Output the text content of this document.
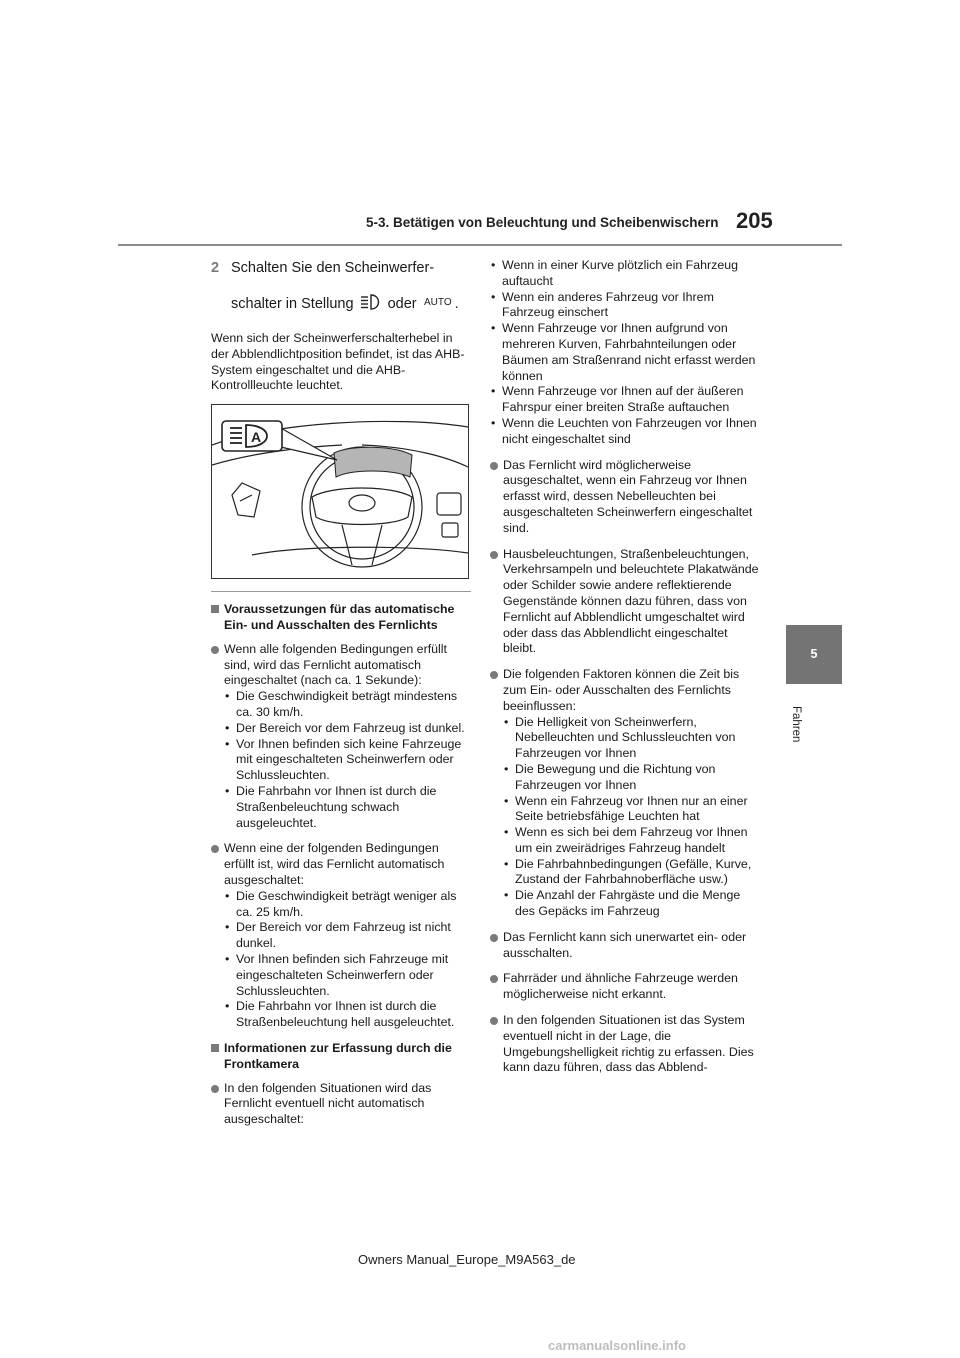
5-3. Betätigen von Beleuchtung und Scheibenwischern 205
5
Fahren
2 Schalten Sie den Scheinwerfer-
schalter in Stellung oder AUTO .

Wenn sich der Scheinwerferschalterhebel in der Abblendlichtposition befindet, ist das AHB-System eingeschaltet und die AHB-Kontrollleuchte leuchtet.

A
Voraussetzungen für das automatische Ein- und Ausschalten des Fernlichts
Wenn alle folgenden Bedingungen erfüllt sind, wird das Fernlicht automatisch eingeschaltet (nach ca. 1 Sekunde):
• Die Geschwindigkeit beträgt mindestens ca. 30 km/h.
• Der Bereich vor dem Fahrzeug ist dunkel.
• Vor Ihnen befinden sich keine Fahrzeuge mit eingeschalteten Scheinwerfern oder Schlussleuchten.
• Die Fahrbahn vor Ihnen ist durch die Straßenbeleuchtung schwach ausgeleuchtet.
Wenn eine der folgenden Bedingungen erfüllt ist, wird das Fernlicht automatisch ausgeschaltet:
• Die Geschwindigkeit beträgt weniger als ca. 25 km/h.
• Der Bereich vor dem Fahrzeug ist nicht dunkel.
• Vor Ihnen befinden sich Fahrzeuge mit eingeschalteten Scheinwerfern oder Schlussleuchten.
• Die Fahrbahn vor Ihnen ist durch die Straßenbeleuchtung hell ausgeleuchtet.
Informationen zur Erfassung durch die Frontkamera
In den folgenden Situationen wird das Fernlicht eventuell nicht automatisch ausgeschaltet:
• Wenn in einer Kurve plötzlich ein Fahrzeug auftaucht
• Wenn ein anderes Fahrzeug vor Ihrem Fahrzeug einschert
• Wenn Fahrzeuge vor Ihnen aufgrund von mehreren Kurven, Fahrbahnteilungen oder Bäumen am Straßenrand nicht erfasst werden können
• Wenn Fahrzeuge vor Ihnen auf der äußeren Fahrspur einer breiten Straße auftauchen
• Wenn die Leuchten von Fahrzeugen vor Ihnen nicht eingeschaltet sind
Das Fernlicht wird möglicherweise ausgeschaltet, wenn ein Fahrzeug vor Ihnen erfasst wird, dessen Nebelleuchten bei ausgeschalteten Scheinwerfern eingeschaltet sind.
Hausbeleuchtungen, Straßenbeleuchtungen, Verkehrsampeln und beleuchtete Plakatwände oder Schilder sowie andere reflektierende Gegenstände können dazu führen, dass von Fernlicht auf Abblendlicht umgeschaltet wird oder dass das Abblendlicht eingeschaltet bleibt.
Die folgenden Faktoren können die Zeit bis zum Ein- oder Ausschalten des Fernlichts beeinflussen:
• Die Helligkeit von Scheinwerfern, Nebelleuchten und Schlussleuchten von Fahrzeugen vor Ihnen
• Die Bewegung und die Richtung von Fahrzeugen vor Ihnen
• Wenn ein Fahrzeug vor Ihnen nur an einer Seite betriebsfähige Leuchten hat
• Wenn es sich bei dem Fahrzeug vor Ihnen um ein zweirädriges Fahrzeug handelt
• Die Fahrbahnbedingungen (Gefälle, Kurve, Zustand der Fahrbahnoberfläche usw.)
• Die Anzahl der Fahrgäste und die Menge des Gepäcks im Fahrzeug
Das Fernlicht kann sich unerwartet ein- oder ausschalten.
Fahrräder und ähnliche Fahrzeuge werden möglicherweise nicht erkannt.
In den folgenden Situationen ist das System eventuell nicht in der Lage, die Umgebungshelligkeit richtig zu erfassen. Dies kann dazu führen, dass das Abblend-
Owners Manual_Europe_M9A563_de
carmanualsonline.info
